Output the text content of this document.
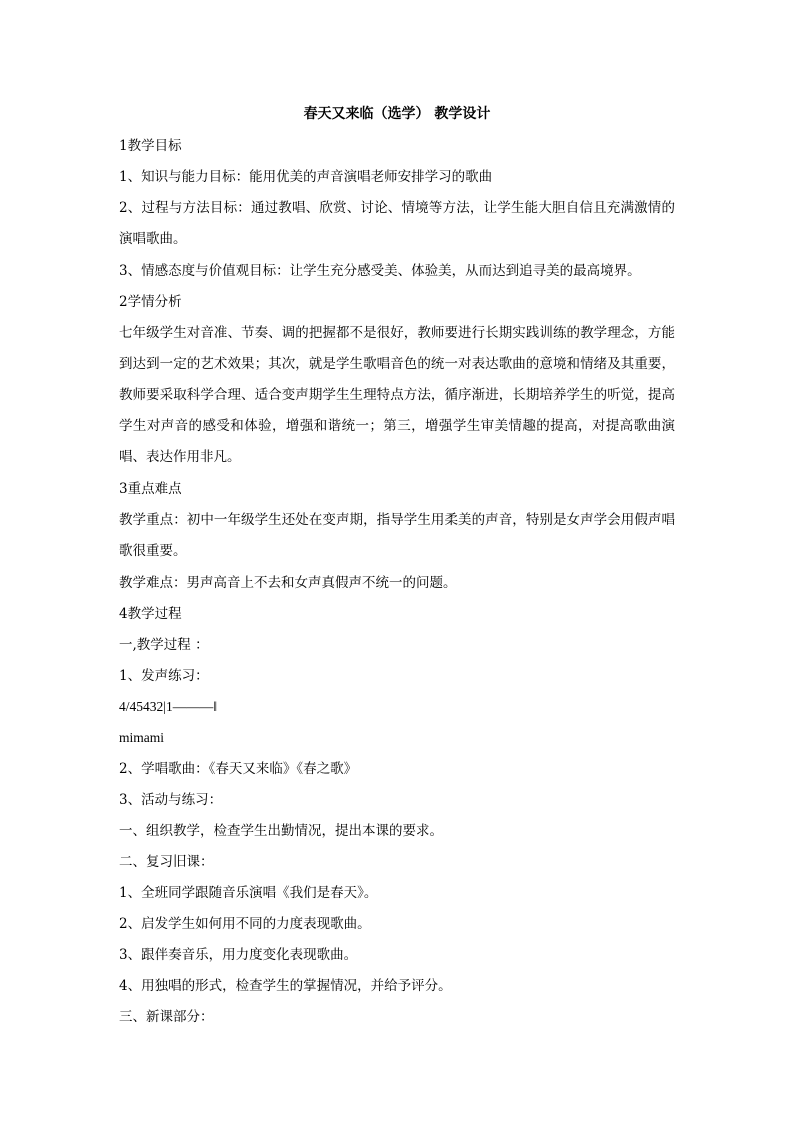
春天又来临（选学） 教学设计
1教学目标
1、知识与能力目标：能用优美的声音演唱老师安排学习的歌曲
2、过程与方法目标：通过教唱、欣赏、讨论、情境等方法，让学生能大胆自信且充满激情的演唱歌曲。
3、情感态度与价值观目标：让学生充分感受美、体验美，从而达到追寻美的最高境界。
2学情分析
七年级学生对音准、节奏、调的把握都不是很好，教师要进行长期实践训练的教学理念，方能到达到一定的艺术效果；其次，就是学生歌唱音色的统一对表达歌曲的意境和情绪及其重要，教师要采取科学合理、适合变声期学生生理特点方法，循序渐进，长期培养学生的听觉，提高学生对声音的感受和体验，增强和谐统一；第三，增强学生审美情趣的提高，对提高歌曲演唱、表达作用非凡。
3重点难点
教学重点：初中一年级学生还处在变声期，指导学生用柔美的声音，特别是女声学会用假声唱歌很重要。
教学难点：男声高音上不去和女声真假声不统一的问题。
4教学过程
一,教学过程 ：
1、发声练习：
4/45432|1———‖
mimami
2、学唱歌曲：《春天又来临》《春之歌》
3、活动与练习：
一、组织教学，检查学生出勤情况，提出本课的要求。
二、复习旧课：
1、全班同学跟随音乐演唱《我们是春天》。
2、启发学生如何用不同的力度表现歌曲。
3、跟伴奏音乐，用力度变化表现歌曲。
4、用独唱的形式，检查学生的掌握情况，并给予评分。
三、新课部分：
